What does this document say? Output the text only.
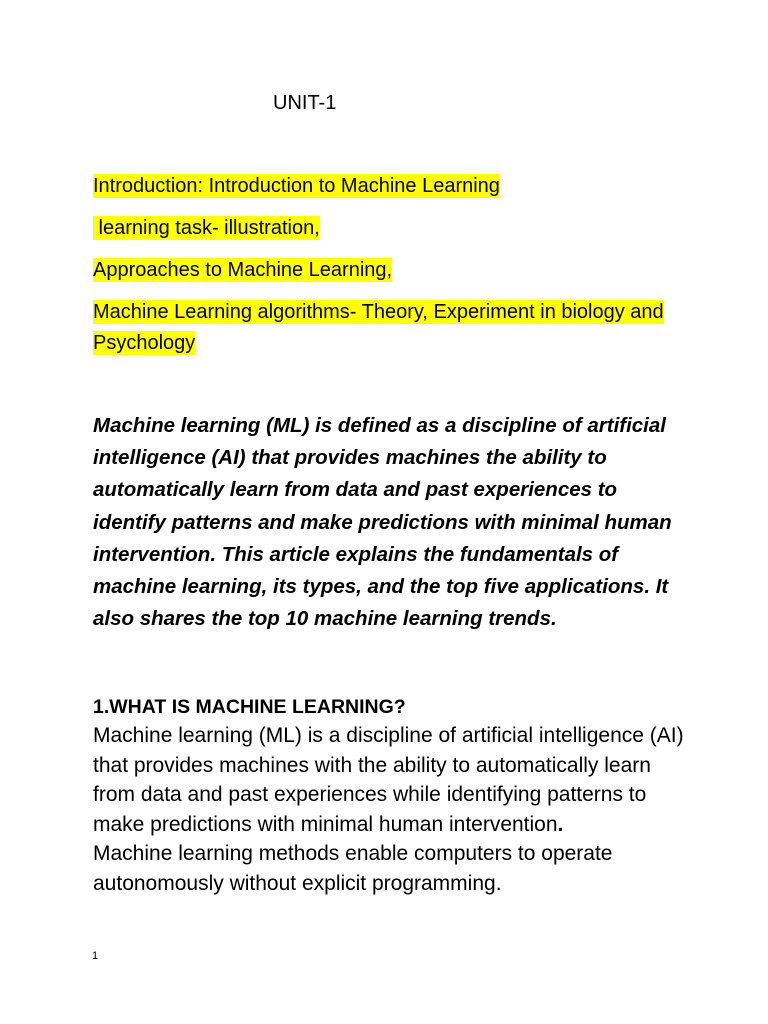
UNIT-1
Introduction: Introduction to Machine Learning
learning task- illustration,
Approaches to Machine Learning,
Machine Learning algorithms- Theory, Experiment in biology and Psychology
Machine learning (ML) is defined as a discipline of artificial intelligence (AI) that provides machines the ability to automatically learn from data and past experiences to identify patterns and make predictions with minimal human intervention. This article explains the fundamentals of machine learning, its types, and the top five applications. It also shares the top 10 machine learning trends.
1.WHAT IS MACHINE LEARNING?

Machine learning (ML) is a discipline of artificial intelligence (AI) that provides machines with the ability to automatically learn from data and past experiences while identifying patterns to make predictions with minimal human intervention.

Machine learning methods enable computers to operate autonomously without explicit programming.

1
